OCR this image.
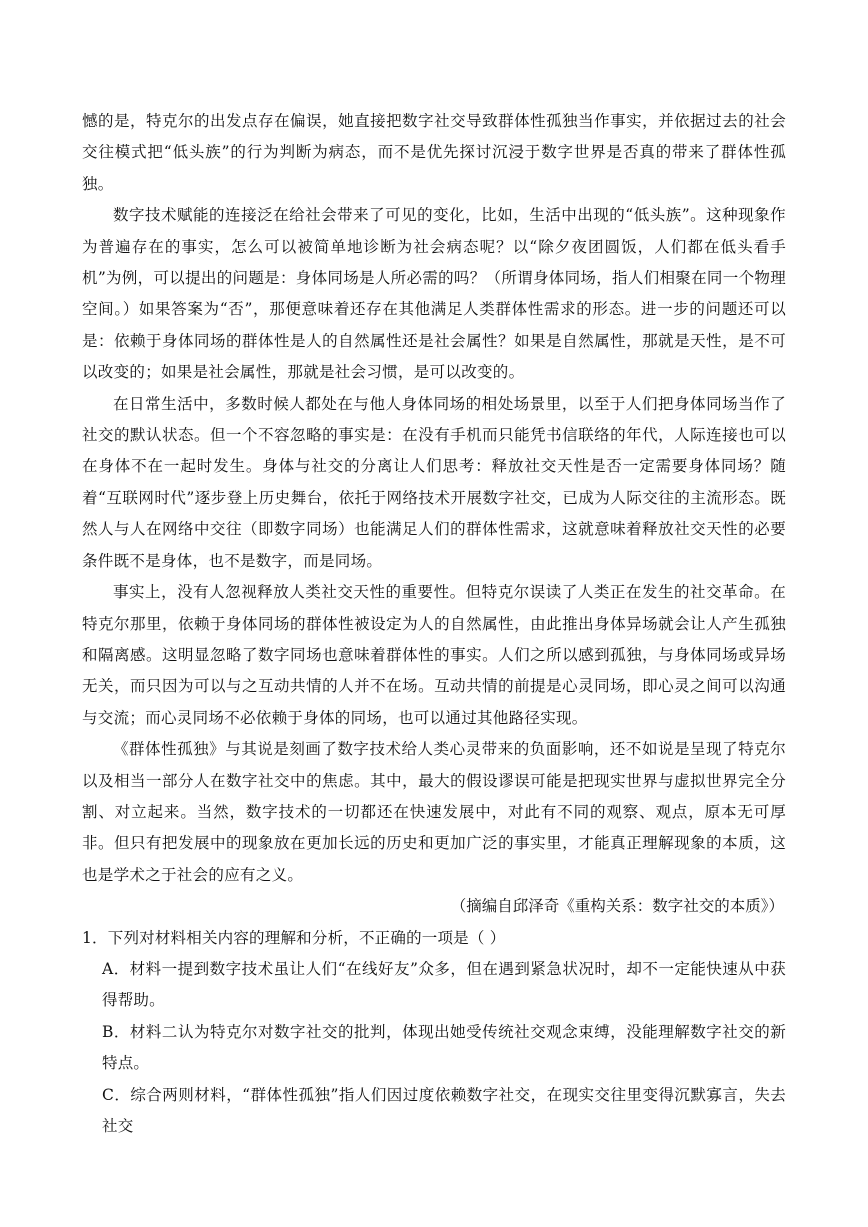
憾的是，特克尔的出发点存在偏误，她直接把数字社交导致群体性孤独当作事实，并依据过去的社会交往模式把“低头族”的行为判断为病态，而不是优先探讨沉浸于数字世界是否真的带来了群体性孤独。

数字技术赋能的连接泛在给社会带来了可见的变化，比如，生活中出现的“低头族”。这种现象作为普遍存在的事实，怎么可以被简单地诊断为社会病态呢？以“除夕夜团圆饭，人们都在低头看手机”为例，可以提出的问题是：身体同场是人所必需的吗？（所谓身体同场，指人们相聚在同一个物理空间。）如果答案为“否”，那便意味着还存在其他满足人类群体性需求的形态。进一步的问题还可以是：依赖于身体同场的群体性是人的自然属性还是社会属性？如果是自然属性，那就是天性，是不可以改变的；如果是社会属性，那就是社会习惯，是可以改变的。

在日常生活中，多数时候人都处在与他人身体同场的相处场景里，以至于人们把身体同场当作了社交的默认状态。但一个不容忽略的事实是：在没有手机而只能凭书信联络的年代，人际连接也可以在身体不在一起时发生。身体与社交的分离让人们思考：释放社交天性是否一定需要身体同场？随着“互联网时代”逐步登上历史舞台，依托于网络技术开展数字社交，已成为人际交往的主流形态。既然人与人在网络中交往（即数字同场）也能满足人们的群体性需求，这就意味着释放社交天性的必要条件既不是身体，也不是数字，而是同场。

事实上，没有人忽视释放人类社交天性的重要性。但特克尔误读了人类正在发生的社交革命。在特克尔那里，依赖于身体同场的群体性被设定为人的自然属性，由此推出身体异场就会让人产生孤独和隔离感。这明显忽略了数字同场也意味着群体性的事实。人们之所以感到孤独，与身体同场或异场无关，而只因为可以与之互动共情的人并不在场。互动共情的前提是心灵同场，即心灵之间可以沟通与交流；而心灵同场不必依赖于身体的同场，也可以通过其他路径实现。

《群体性孤独》与其说是刻画了数字技术给人类心灵带来的负面影响，还不如说是呈现了特克尔以及相当一部分人在数字社交中的焦虑。其中，最大的假设谬误可能是把现实世界与虚拟世界完全分割、对立起来。当然，数字技术的一切都还在快速发展中，对此有不同的观察、观点，原本无可厚非。但只有把发展中的现象放在更加长远的历史和更加广泛的事实里，才能真正理解现象的本质，这也是学术之于社会的应有之义。

（摘编自邱泽奇《重构关系：数字社交的本质》）

1．下列对材料相关内容的理解和分析，不正确的一项是（ ）

A．材料一提到数字技术虽让人们“在线好友”众多，但在遇到紧急状况时，却不一定能快速从中获得帮助。

B．材料二认为特克尔对数字社交的批判，体现出她受传统社交观念束缚，没能理解数字社交的新特点。

C．综合两则材料，“群体性孤独”指人们因过度依赖数字社交，在现实交往里变得沉默寡言，失去社交
